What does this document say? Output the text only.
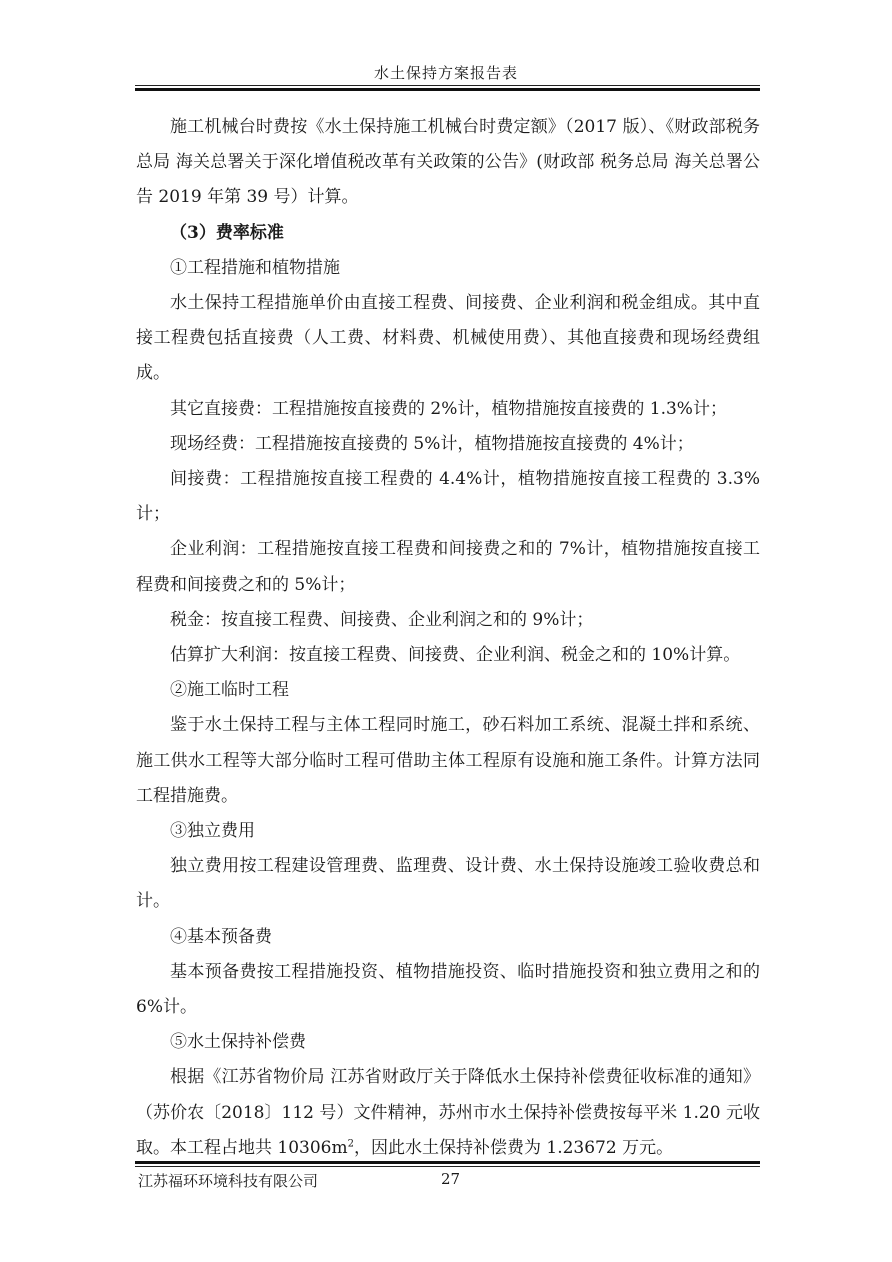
水土保持方案报告表

施工机械台时费按《水土保持施工机械台时费定额》（2017 版）、《财政部税务总局 海关总署关于深化增值税改革有关政策的公告》(财政部 税务总局 海关总署公告 2019 年第 39 号）计算。

（3）费率标准

①工程措施和植物措施

水土保持工程措施单价由直接工程费、间接费、企业利润和税金组成。其中直接工程费包括直接费（人工费、材料费、机械使用费）、其他直接费和现场经费组成。

其它直接费：工程措施按直接费的 2%计，植物措施按直接费的 1.3%计；

现场经费：工程措施按直接费的 5%计，植物措施按直接费的 4%计；

间接费：工程措施按直接工程费的 4.4%计，植物措施按直接工程费的 3.3%计；

企业利润：工程措施按直接工程费和间接费之和的 7%计，植物措施按直接工程费和间接费之和的 5%计；

税金：按直接工程费、间接费、企业利润之和的 9%计；

估算扩大利润：按直接工程费、间接费、企业利润、税金之和的 10%计算。

②施工临时工程

鉴于水土保持工程与主体工程同时施工，砂石料加工系统、混凝土拌和系统、施工供水工程等大部分临时工程可借助主体工程原有设施和施工条件。计算方法同工程措施费。

③独立费用

独立费用按工程建设管理费、监理费、设计费、水土保持设施竣工验收费总和计。

④基本预备费

基本预备费按工程措施投资、植物措施投资、临时措施投资和独立费用之和的 6%计。

⑤水土保持补偿费

根据《江苏省物价局 江苏省财政厅关于降低水土保持补偿费征收标准的通知》（苏价农〔2018〕112 号）文件精神，苏州市水土保持补偿费按每平米 1.20 元收取。本工程占地共 $10306m^2$，因此水土保持补偿费为 1.23672 万元。

江苏福环环境科技有限公司	27
